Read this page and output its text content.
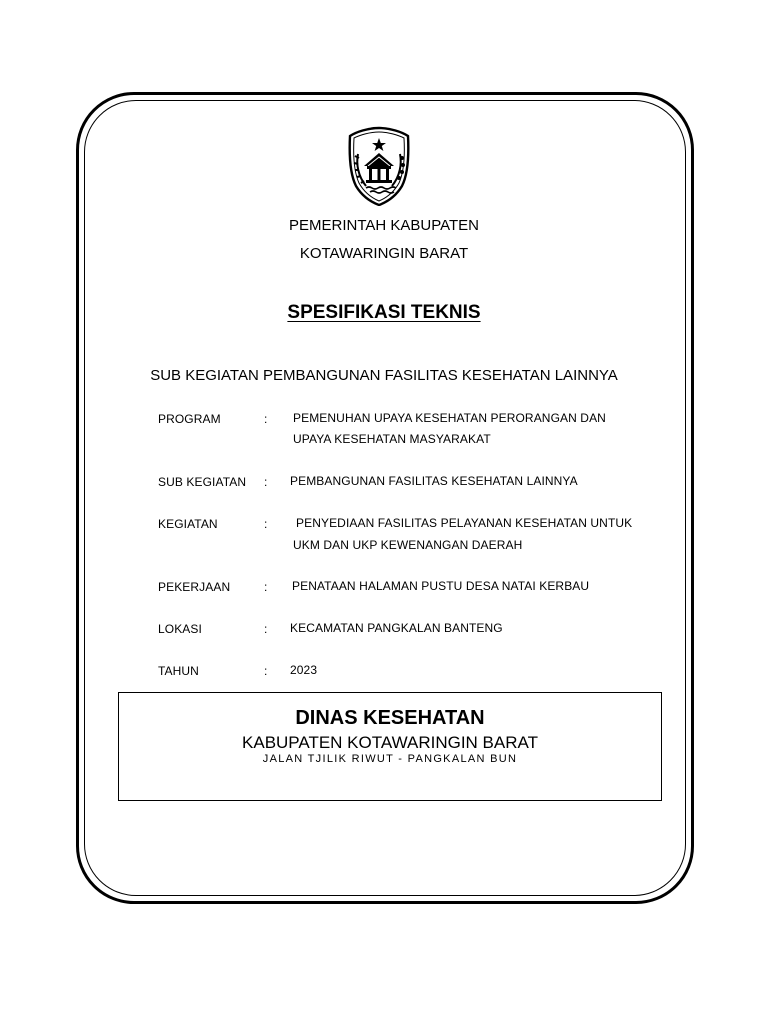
PEMERINTAH KABUPATEN
KOTAWARINGIN BARAT
SPESIFIKASI TEKNIS
SUB KEGIATAN PEMBANGUNAN FASILITAS KESEHATAN LAINNYA
PROGRAM	: PEMENUHAN UPAYA KESEHATAN PERORANGAN DAN
UPAYA KESEHATAN MASYARAKAT
SUB KEGIATAN : PEMBANGUNAN FASILITAS KESEHATAN LAINNYA
KEGIATAN	: PENYEDIAAN FASILITAS PELAYANAN KESEHATAN UNTUK
UKM DAN UKP KEWENANGAN DAERAH
PEKERJAAN	: PENATAAN HALAMAN PUSTU DESA NATAI KERBAU
LOKASI	: KECAMATAN PANGKALAN BANTENG
TAHUN	: 2023
DINAS KESEHATAN
KABUPATEN KOTAWARINGIN BARAT
JALAN TJILIK RIWUT - PANGKALAN BUN
